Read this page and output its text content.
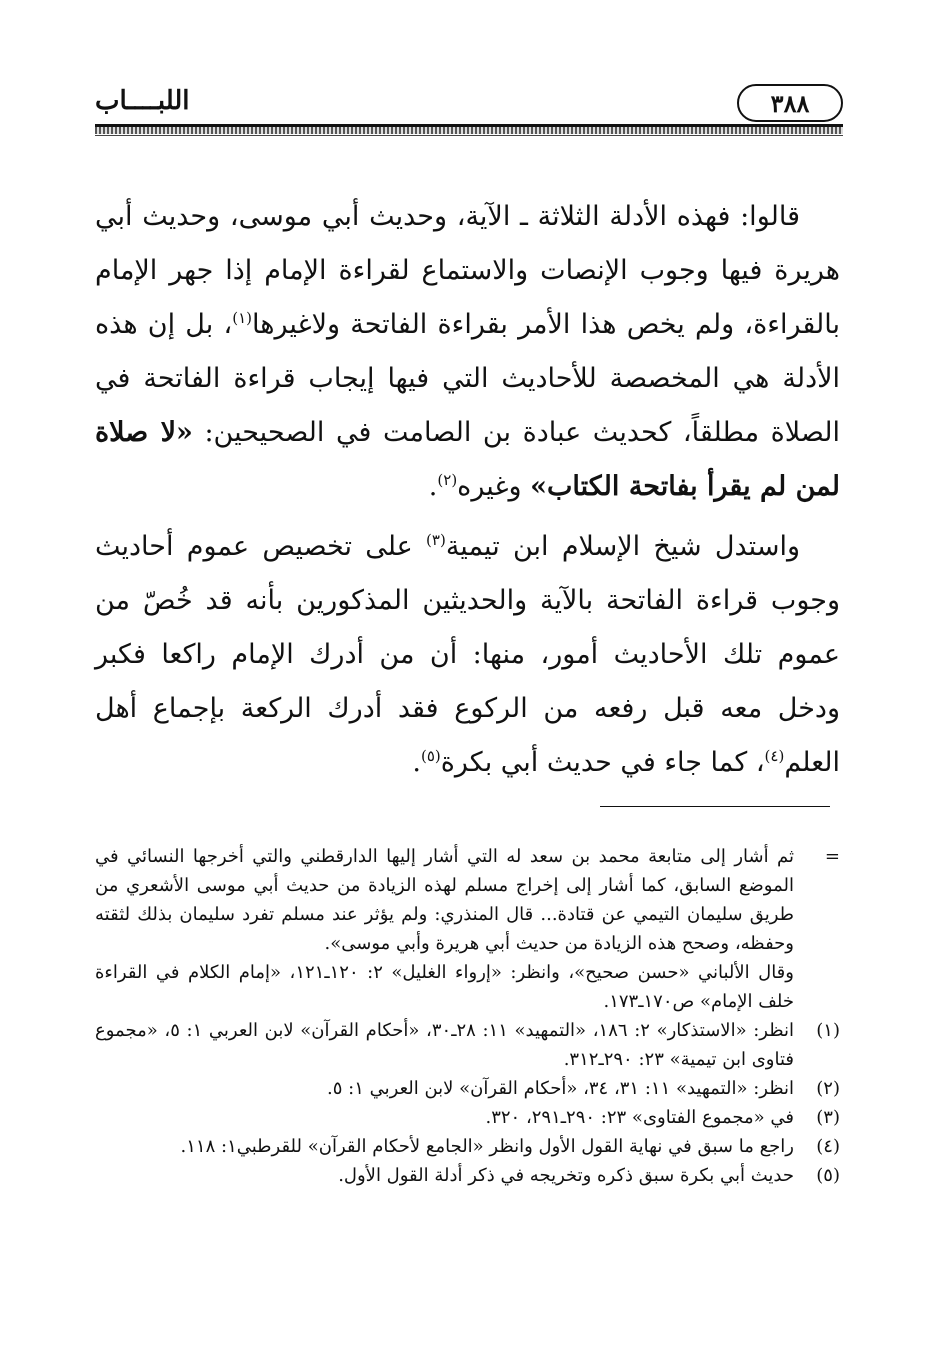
٣٨٨
اللبــــاب

قالوا: فهذه الأدلة الثلاثة ـ الآية، وحديث أبي موسى، وحديث أبي هريرة فيها وجوب الإنصات والاستماع لقراءة الإمام إذا جهر الإمام بالقراءة، ولم يخص هذا الأمر بقراءة الفاتحة ولاغيرها$^{(١)}$، بل إن هذه الأدلة هي المخصصة للأحاديث التي فيها إيجاب قراءة الفاتحة في الصلاة مطلقاً، كحديث عبادة بن الصامت في الصحيحين: «لا صلاة لمن لم يقرأ بفاتحة الكتاب» وغيره$^{(٢)}$.

واستدل شيخ الإسلام ابن تيمية$^{(٣)}$ على تخصيص عموم أحاديث وجوب قراءة الفاتحة بالآية والحديثين المذكورين بأنه قد خُصّ من عموم تلك الأحاديث أمور، منها: أن من أدرك الإمام راكعا فكبر ودخل معه قبل رفعه من الركوع فقد أدرك الركعة بإجماع أهل العلم$^{(٤)}$، كما جاء في حديث أبي بكرة$^{(٥)}$.

=
ثم أشار إلى متابعة محمد بن سعد له التي أشار إليها الدارقطني والتي أخرجها النسائي في الموضع السابق، كما أشار إلى إخراج مسلم لهذه الزيادة من حديث أبي موسى الأشعري من طريق سليمان التيمي عن قتادة... قال المنذري: ولم يؤثر عند مسلم تفرد سليمان بذلك لثقته وحفظه، وصحح هذه الزيادة من حديث أبي هريرة وأبي موسى».
وقال الألباني «حسن صحيح»، وانظر: «إرواء الغليل» ٢: ١٢٠ـ١٢١، «إمام الكلام في القراءة خلف الإمام» ص١٧٠ـ١٧٣.
(١)
انظر: «الاستذكار» ٢: ١٨٦، «التمهيد» ١١: ٢٨ـ٣٠، «أحكام القرآن» لابن العربي ١: ٥، «مجموع فتاوى ابن تيمية» ٢٣: ٢٩٠ـ٣١٢.
(٢)
انظر: «التمهيد» ١١: ٣١، ٣٤، «أحكام القرآن» لابن العربي ١: ٥.
(٣)
في «مجموع الفتاوى» ٢٣: ٢٩٠ـ٢٩١، ٣٢٠.
(٤)
راجع ما سبق في نهاية القول الأول وانظر «الجامع لأحكام القرآن» للقرطبي١: ١١٨.
(٥)
حديث أبي بكرة سبق ذكره وتخريجه في ذكر أدلة القول الأول.
